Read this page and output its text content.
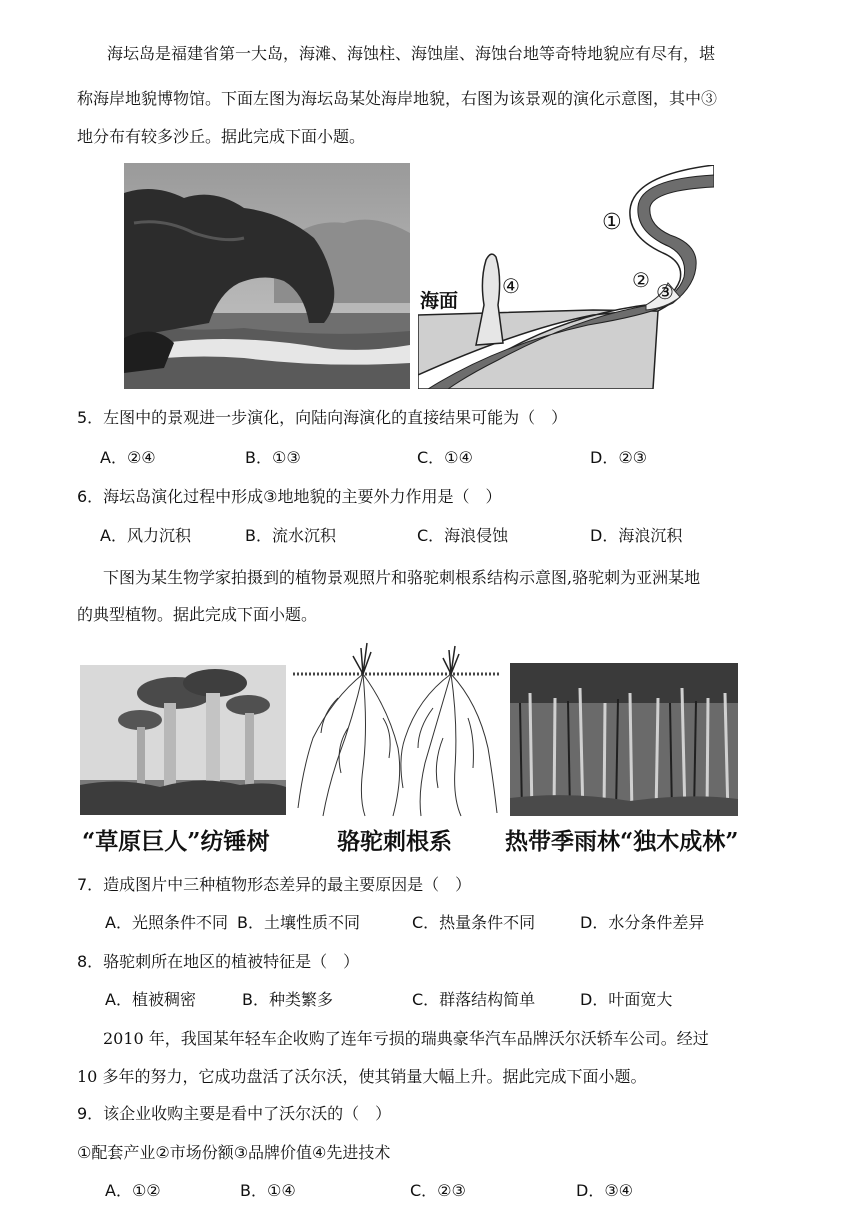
海坛岛是福建省第一大岛，海滩、海蚀柱、海蚀崖、海蚀台地等奇特地貌应有尽有，堪
称海岸地貌博物馆。下面左图为海坛岛某处海岸地貌，右图为该景观的演化示意图，其中③
地分布有较多沙丘。据此完成下面小题。
海面
①
② ③
④
5．左图中的景观进一步演化，向陆向海演化的直接结果可能为（　）
A．②④	B．①③	C．①④	D．②③
6．海坛岛演化过程中形成③地地貌的主要外力作用是（　）
A．风力沉积	B．流水沉积	C．海浪侵蚀	D．海浪沉积
下图为某生物学家拍摄到的植物景观照片和骆驼刺根系结构示意图,骆驼刺为亚洲某地
的典型植物。据此完成下面小题。
“草原巨人”纺锤树	骆驼刺根系 热带季雨林“独木成林”
7．造成图片中三种植物形态差异的最主要原因是（　）
A．光照条件不同 B．土壤性质不同	C．热量条件不同	D．水分条件差异
8．骆驼刺所在地区的植被特征是（　）
A．植被稠密	B．种类繁多	C．群落结构简单	D．叶面宽大
2010 年，我国某年轻车企收购了连年亏损的瑞典豪华汽车品牌沃尔沃轿车公司。经过
10 多年的努力，它成功盘活了沃尔沃，使其销量大幅上升。据此完成下面小题。
9．该企业收购主要是看中了沃尔沃的（　）
①配套产业②市场份额③品牌价值④先进技术
A．①②	B．①④	C．②③	D．③④
